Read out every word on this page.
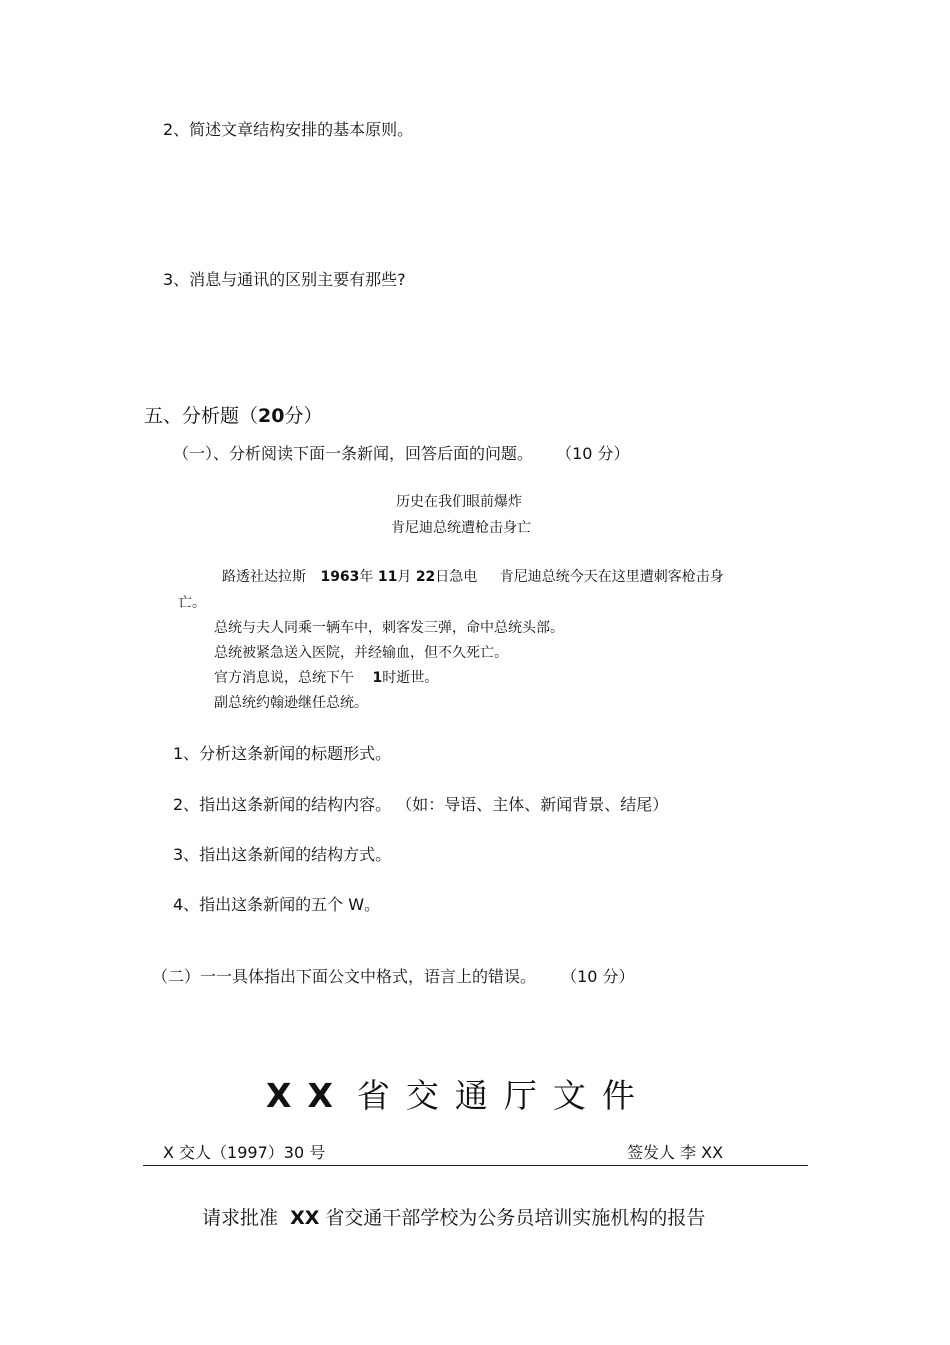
2、简述文章结构安排的基本原则。
3、消息与通讯的区别主要有那些?
五、分析题（20分）
（一）、分析阅读下面一条新闻，回答后面的问题。 （10 分）
历史在我们眼前爆炸
肯尼迪总统遭枪击身亡
路透社达拉斯 1963年 11月 22日急电 肯尼迪总统今天在这里遭刺客枪击身
亡。
总统与夫人同乘一辆车中，刺客发三弹，命中总统头部。
总统被紧急送入医院，并经输血，但不久死亡。
官方消息说，总统下午 1时逝世。
副总统约翰逊继任总统。
1、分析这条新闻的标题形式。
2、指出这条新闻的结构内容。 （如：导语、主体、新闻背景、结尾）
3、指出这条新闻的结构方式。
4、指出这条新闻的五个 W。
（二）一一具体指出下面公文中格式，语言上的错误。 （10 分）
XX 省交通厅文件
X 交人（1997）30 号	签发人 李 XX
请求批准 XX 省交通干部学校为公务员培训实施机构的报告
